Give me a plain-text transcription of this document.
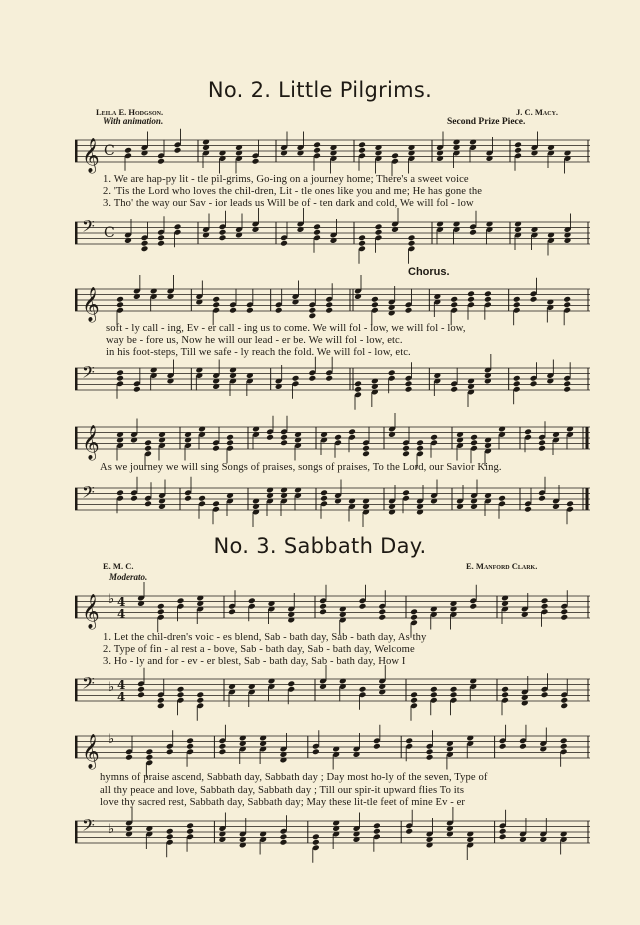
No. 2. Little Pilgrims.
Leila E. Hodgson.	J. C. Macy.
With animation.	Second Prize Piece.
𝄞 C
1. We are hap-py lit - tle pil-grims, Go-ing on a journey home; There's a sweet voice
2. 'Tis the Lord who loves the chil-dren, Lit - tle ones like you and me; He has gone the
3. Tho' the way our Sav - ior leads us Will be of - ten dark and cold, We will fol - low
𝄢 C
Chorus.
𝄞
soft - ly call - ing, Ev - er call - ing us to come. We will fol - low, we will fol - low,
way be - fore us, Now he will our lead - er be. We will fol - low, etc.
in his foot-steps, Till we safe - ly reach the fold. We will fol - low, etc.
𝄢
𝄞
As we journey we will sing Songs of praises, songs of praises, To the Lord, our Savior King.
𝄢
No. 3. Sabbath Day.
E. M. C.	E. Manford Clark.
Moderato.
𝄞 ♭ 4
4
1. Let the chil-dren's voic - es blend, Sab - bath day, Sab - bath day, As thy
2. Type of fin - al rest a - bove, Sab - bath day, Sab - bath day, Welcome
3. Ho - ly and for - ev - er blest, Sab - bath day, Sab - bath day, How I
𝄢 ♭ 4
4
𝄞 ♭
hymns of praise ascend, Sabbath day, Sabbath day ; Day most ho-ly of the seven, Type of
all thy peace and love, Sabbath day, Sabbath day ; Till our spir-it upward flies To its
love thy sacred rest, Sabbath day, Sabbath day; May these lit-tle feet of mine Ev - er
𝄢 ♭
